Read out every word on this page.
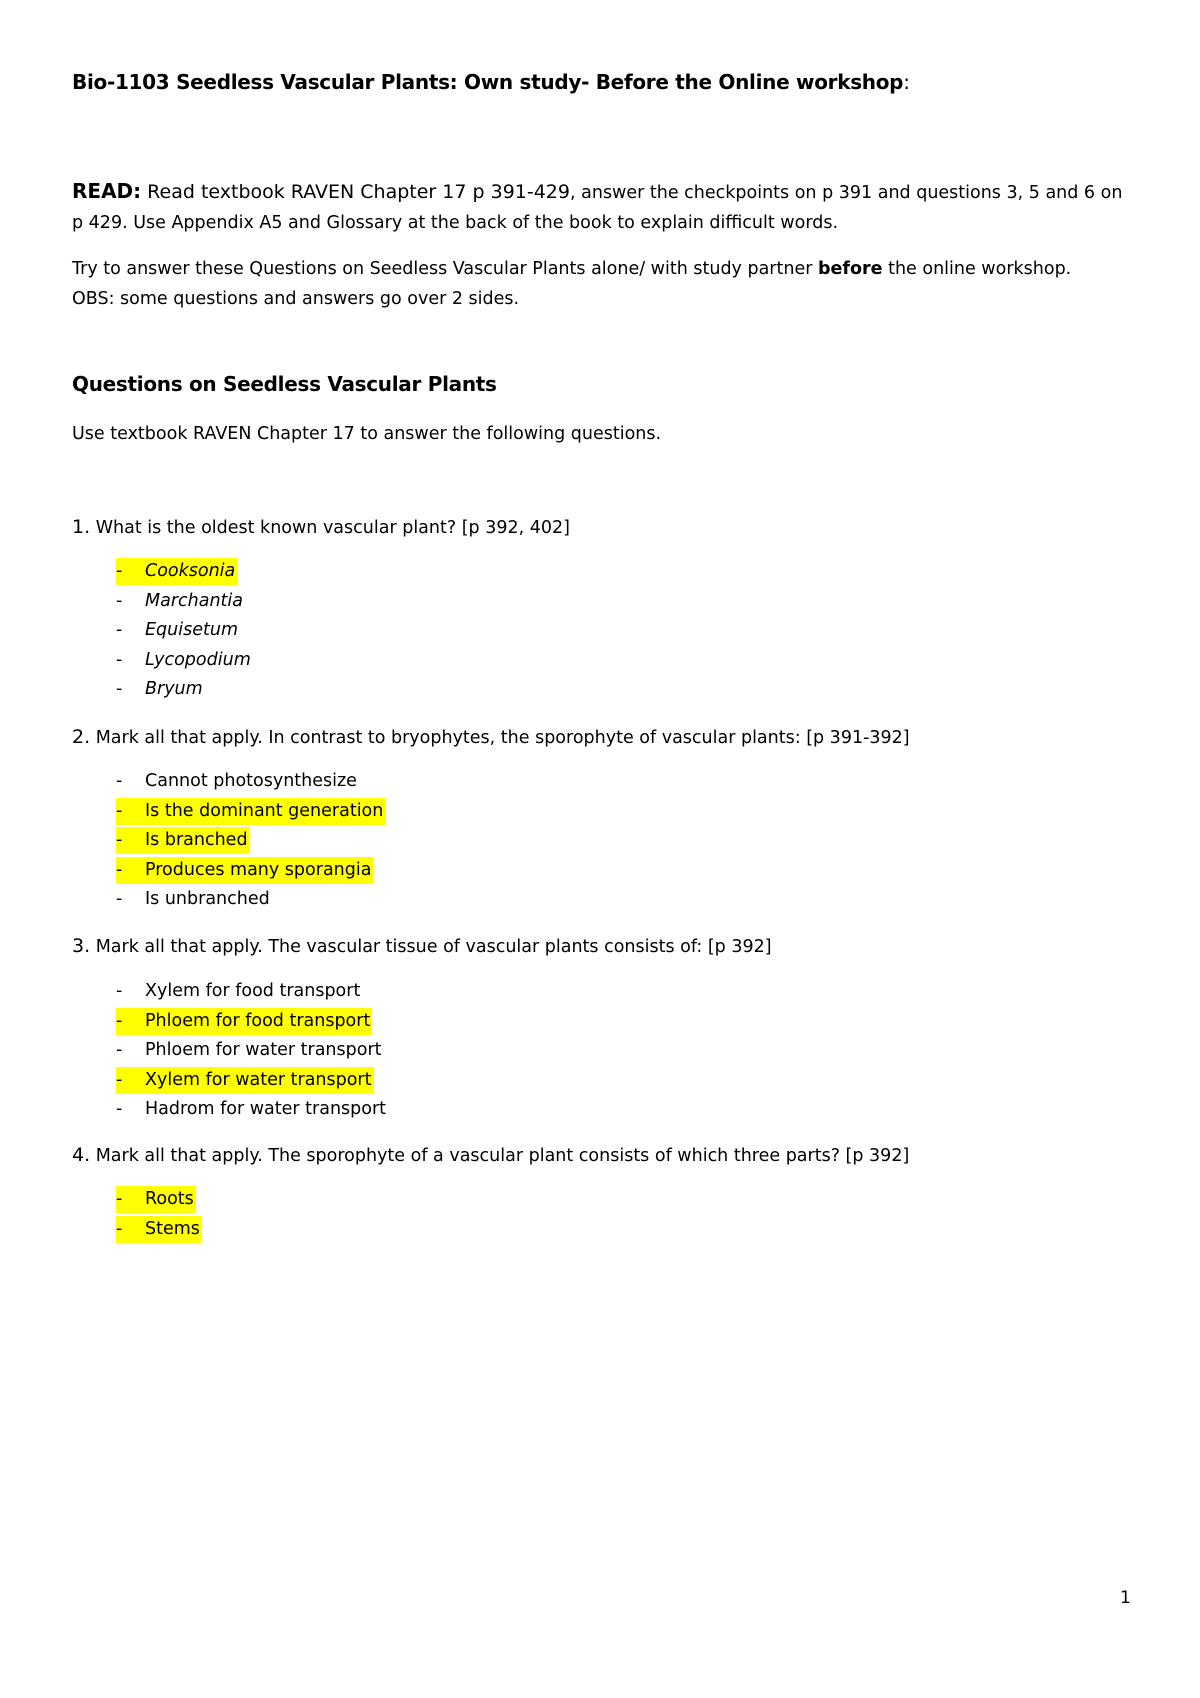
Bio-1103 Seedless Vascular Plants: Own study- Before the Online workshop:
READ: Read textbook RAVEN Chapter 17 p 391-429, answer the checkpoints on p 391 and questions 3, 5 and 6 on p 429. Use Appendix A5 and Glossary at the back of the book to explain difficult words.
Try to answer these Questions on Seedless Vascular Plants alone/ with study partner before the online workshop.
OBS: some questions and answers go over 2 sides.
Questions on Seedless Vascular Plants
Use textbook RAVEN Chapter 17 to answer the following questions.
1. What is the oldest known vascular plant? [p 392, 402]
- Cooksonia
- Marchantia
- Equisetum
- Lycopodium
- Bryum
2. Mark all that apply. In contrast to bryophytes, the sporophyte of vascular plants: [p 391-392]
- Cannot photosynthesize
- Is the dominant generation
- Is branched
- Produces many sporangia
- Is unbranched
3. Mark all that apply. The vascular tissue of vascular plants consists of: [p 392]
- Xylem for food transport
- Phloem for food transport
- Phloem for water transport
- Xylem for water transport
- Hadrom for water transport
4. Mark all that apply. The sporophyte of a vascular plant consists of which three parts? [p 392]
- Roots
- Stems
1
